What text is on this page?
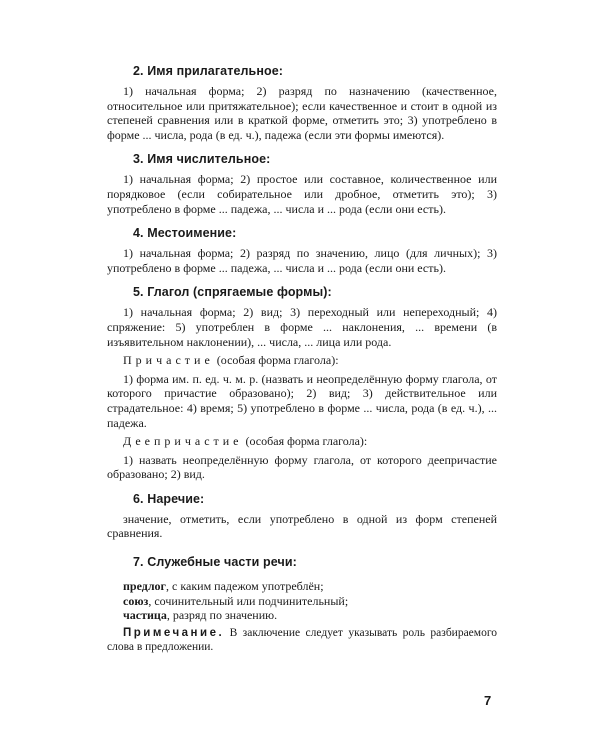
2. Имя прилагательное:

1) начальная форма; 2) разряд по назначению (качественное, относительное или притяжательное); если качественное и стоит в одной из степеней сравнения или в краткой форме, отметить это; 3) употреблено в форме ... числа, рода (в ед. ч.), падежа (если эти формы имеются).

3. Имя числительное:

1) начальная форма; 2) простое или составное, количественное или порядковое (если собирательное или дробное, отметить это); 3) употреблено в форме ... падежа, ... числа и ... рода (если они есть).

4. Местоимение:

1) начальная форма; 2) разряд по значению, лицо (для личных); 3) употреблено в форме ... падежа, ... числа и ... рода (если они есть).

5. Глагол (спрягаемые формы):

1) начальная форма; 2) вид; 3) переходный или непереходный; 4) спряжение: 5) употреблен в форме ... наклонения, ... времени (в изъявительном наклонении), ... числа, ... лица или рода.

Причастие (особая форма глагола):

1) форма им. п. ед. ч. м. р. (назвать и неопределённую форму глагола, от которого причастие образовано); 2) вид; 3) действительное или страдательное: 4) время; 5) употреблено в форме ... числа, рода (в ед. ч.), ... падежа.

Деепричастие (особая форма глагола):

1) назвать неопределённую форму глагола, от которого деепричастие образовано; 2) вид.

6. Наречие:

значение, отметить, если употреблено в одной из форм степеней сравнения.

7. Служебные части речи:

предлог, с каким падежом употреблён;

союз, сочинительный или подчинительный;

частица, разряд по значению.

Примечание. В заключение следует указывать роль разбираемого слова в предложении.

7
